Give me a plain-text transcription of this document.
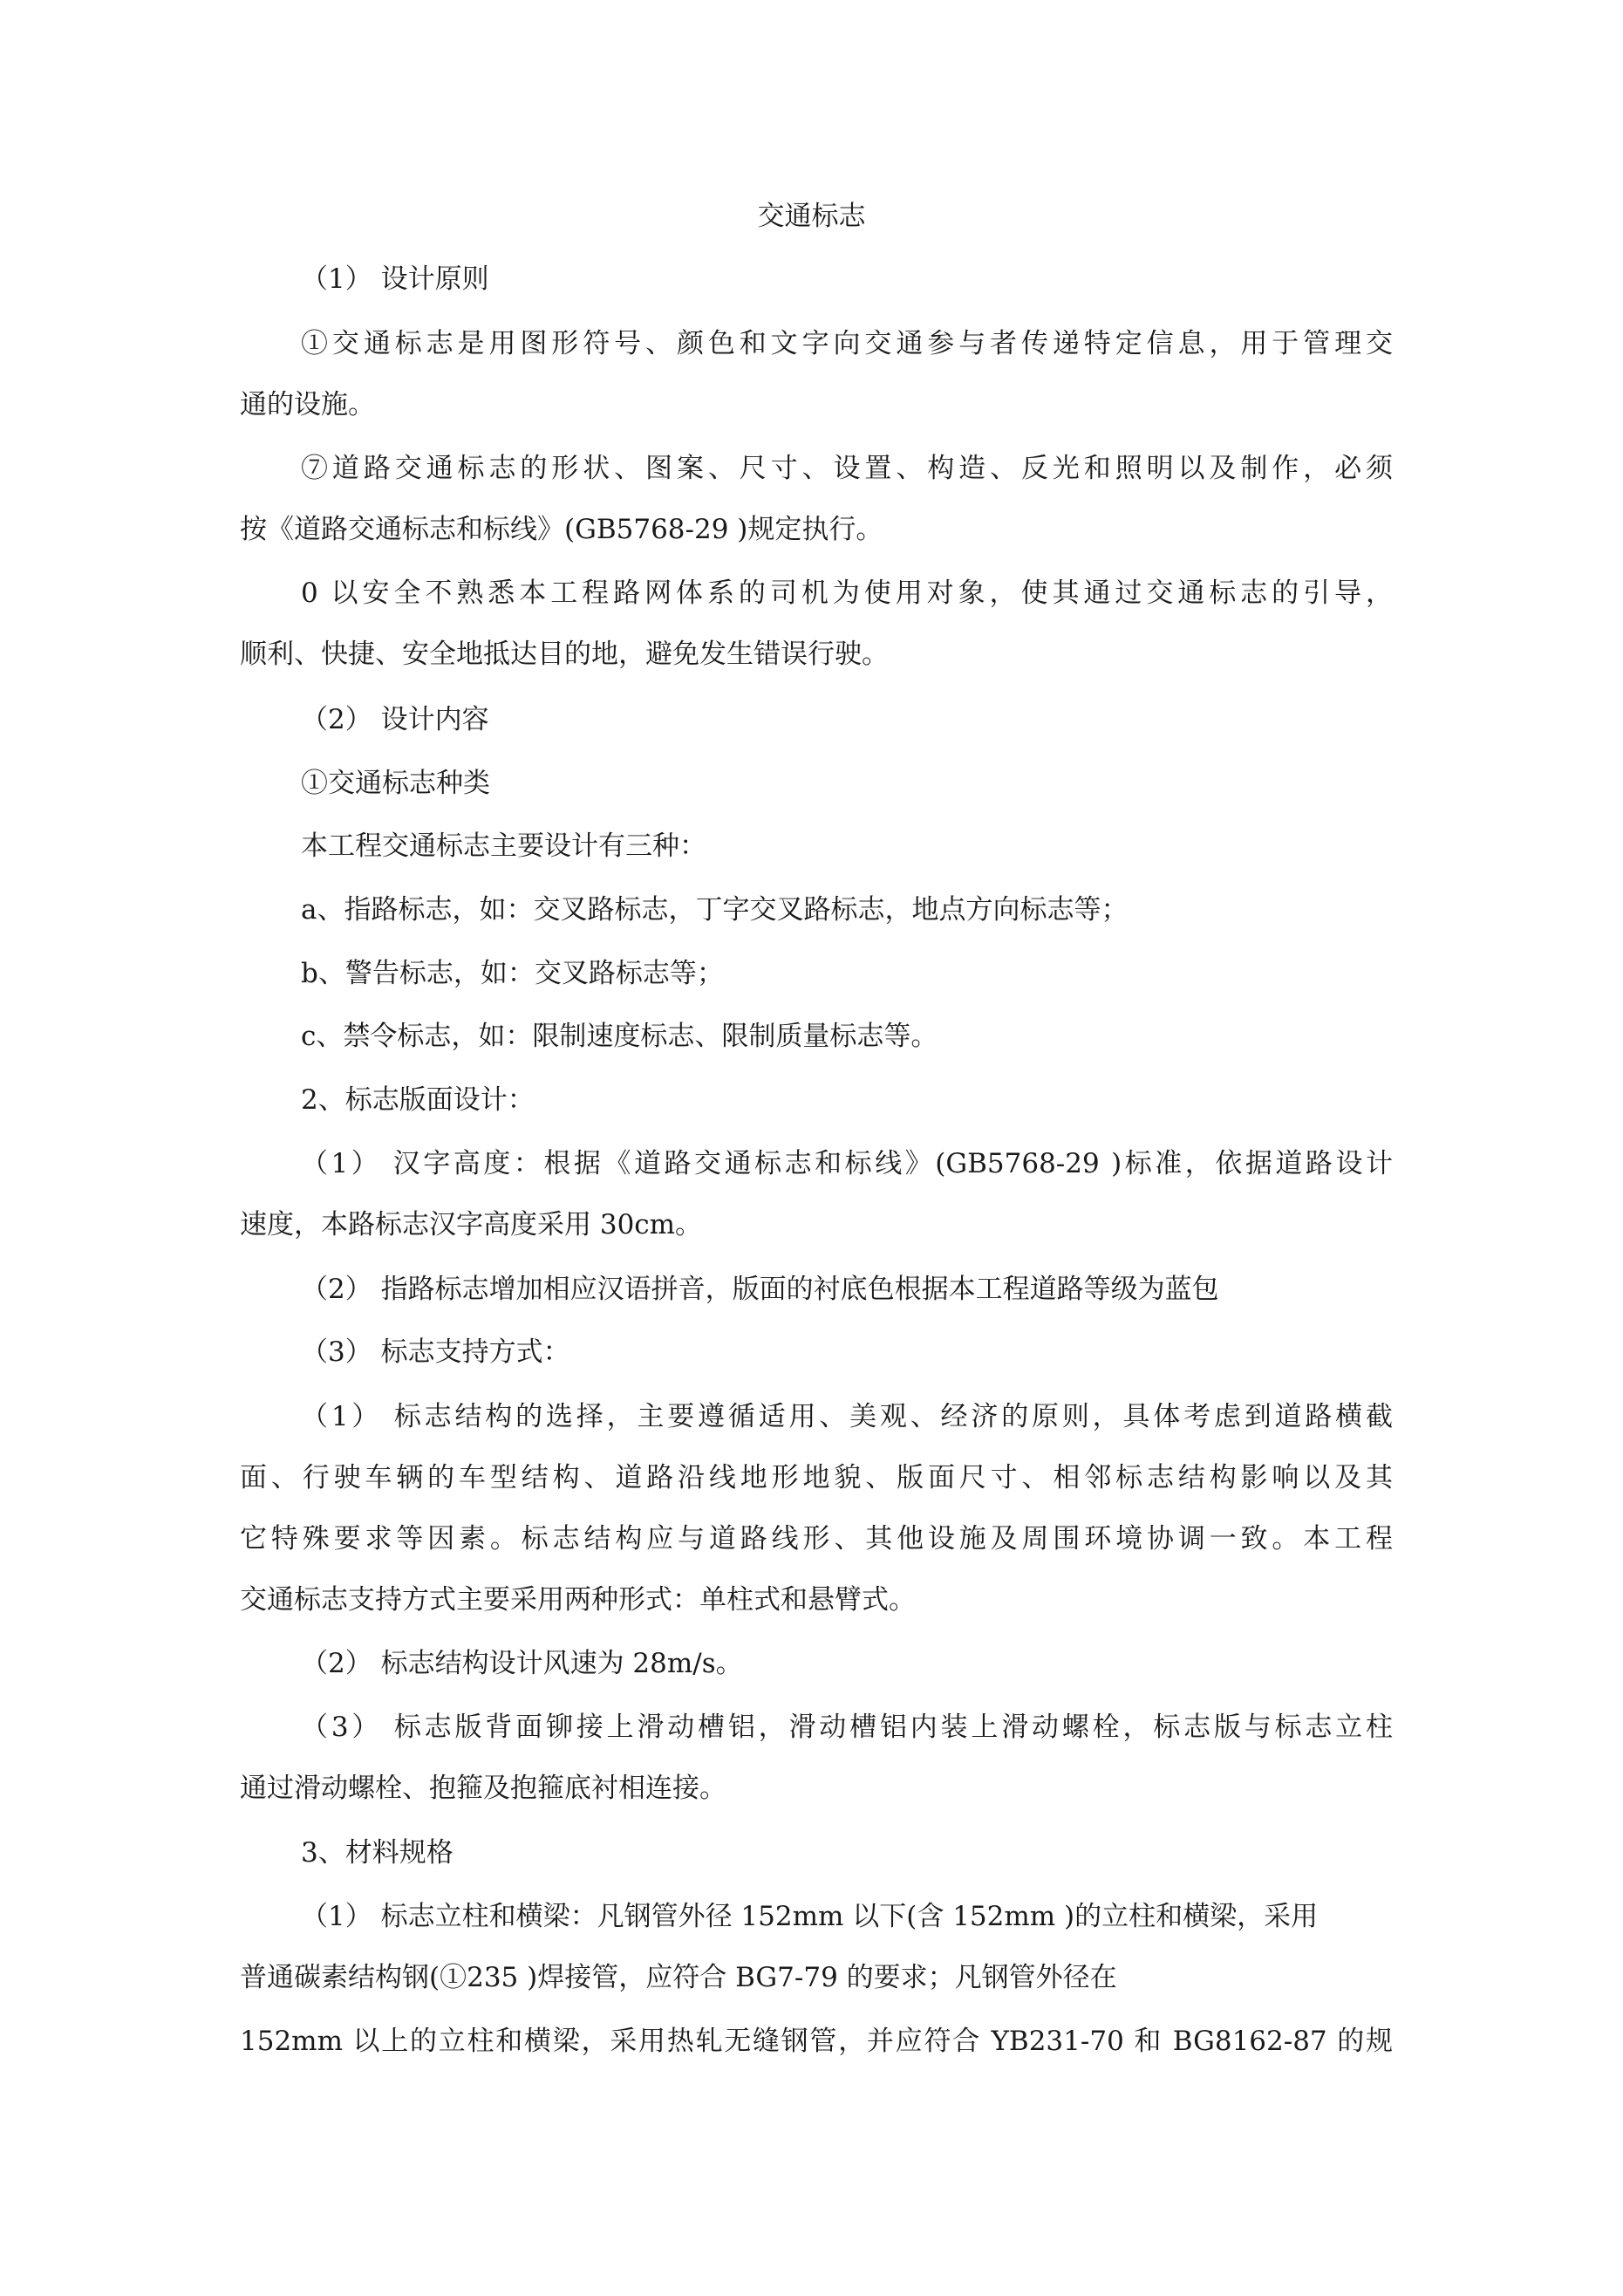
交通标志
（1） 设计原则
①交通标志是用图形符号、颜色和文字向交通参与者传递特定信息，用于管理交
通的设施。
⑦道路交通标志的形状、图案、尺寸、设置、构造、反光和照明以及制作，必须
按《道路交通标志和标线》(GB5768-29 )规定执行。
0 以安全不熟悉本工程路网体系的司机为使用对象，使其通过交通标志的引导，
顺利、快捷、安全地抵达目的地，避免发生错误行驶。
（2） 设计内容
①交通标志种类
本工程交通标志主要设计有三种：
a、指路标志，如：交叉路标志，丁字交叉路标志，地点方向标志等；
b、警告标志，如：交叉路标志等；
c、禁令标志，如：限制速度标志、限制质量标志等。
2、标志版面设计：
（1） 汉字高度：根据《道路交通标志和标线》(GB5768-29 )标准，依据道路设计
速度，本路标志汉字高度采用 30cm。
（2） 指路标志增加相应汉语拼音，版面的衬底色根据本工程道路等级为蓝包
（3） 标志支持方式：
（1） 标志结构的选择，主要遵循适用、美观、经济的原则，具体考虑到道路横截
面、行驶车辆的车型结构、道路沿线地形地貌、版面尺寸、相邻标志结构影响以及其
它特殊要求等因素。标志结构应与道路线形、其他设施及周围环境协调一致。本工程
交通标志支持方式主要采用两种形式：单柱式和悬臂式。
（2） 标志结构设计风速为 28m/s。
（3） 标志版背面铆接上滑动槽铝，滑动槽铝内装上滑动螺栓，标志版与标志立柱
通过滑动螺栓、抱箍及抱箍底衬相连接。
3、材料规格
（1） 标志立柱和横梁：凡钢管外径 152mm 以下(含 152mm )的立柱和横梁，采用
普通碳素结构钢(①235 )焊接管，应符合 BG7-79 的要求；凡钢管外径在
152mm 以上的立柱和横梁，采用热轧无缝钢管，并应符合 YB231-70 和 BG8162-87 的规
